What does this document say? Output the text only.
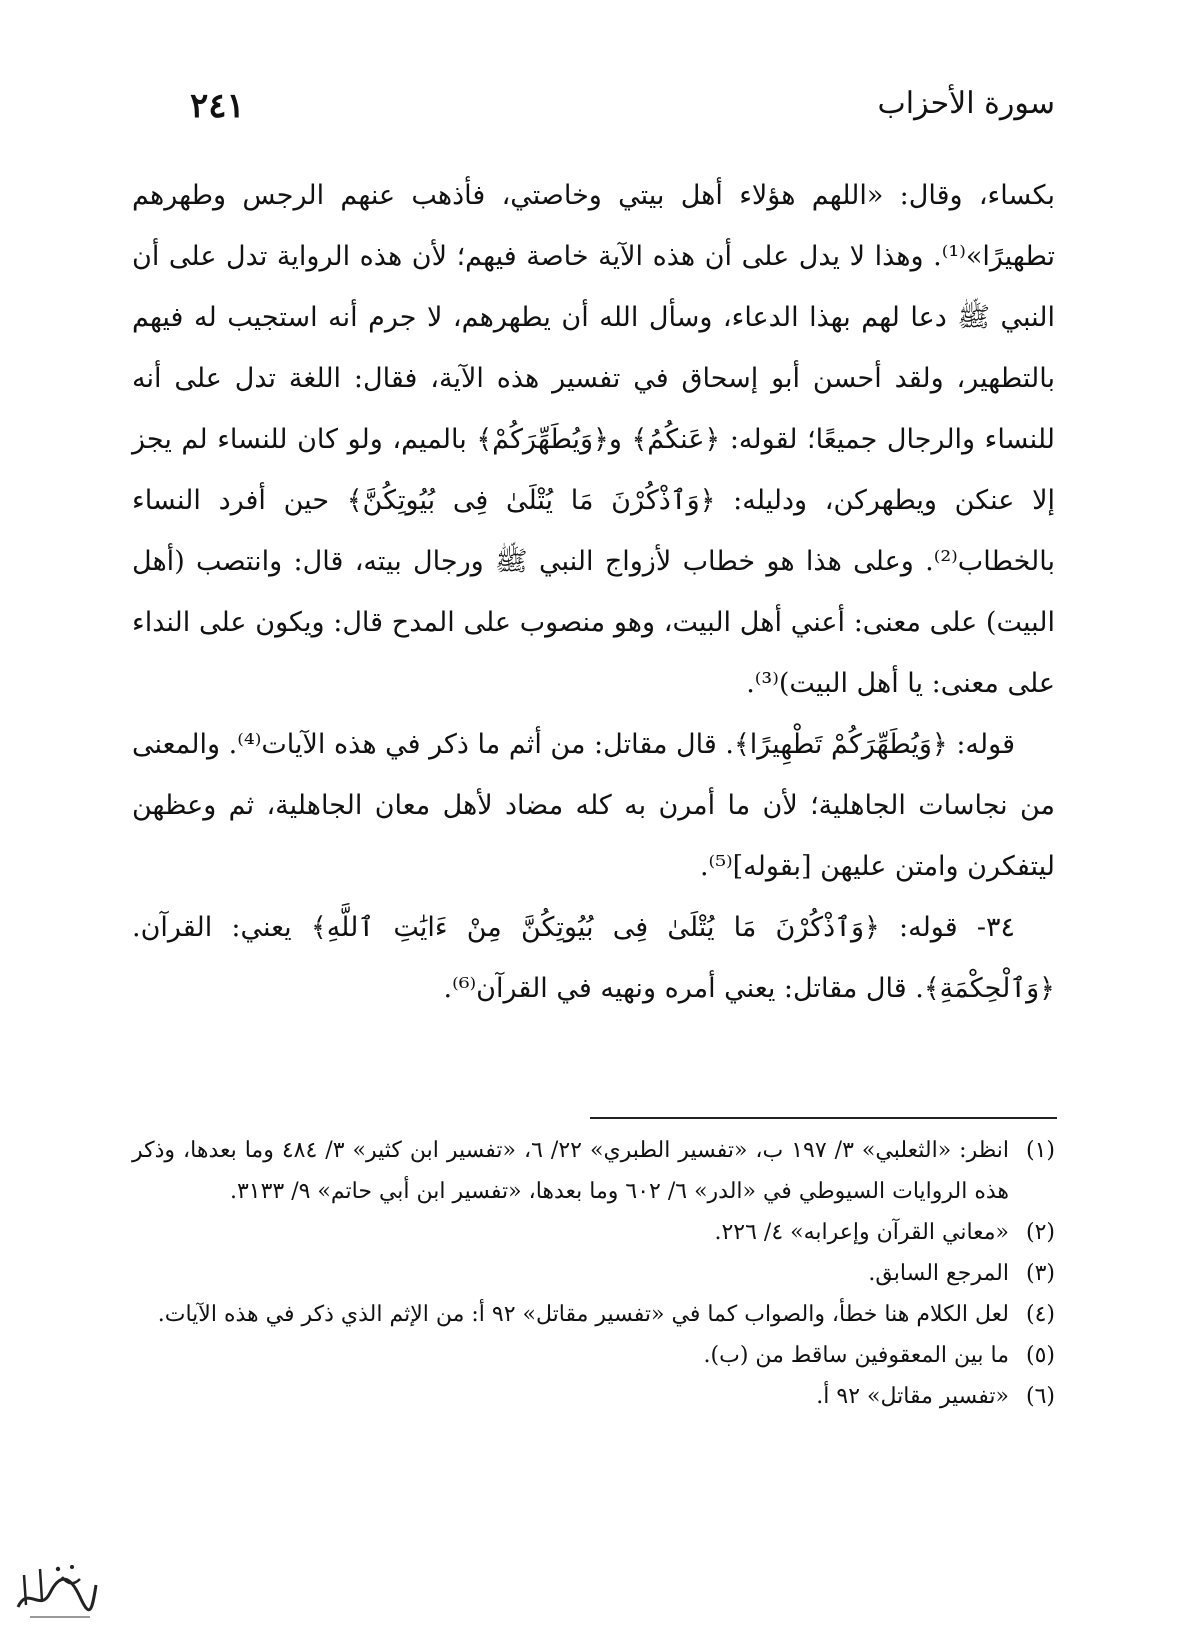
سورة الأحزاب
٢٤١

بكساء، وقال: «اللهم هؤلاء أهل بيتي وخاصتي، فأذهب عنهم الرجس وطهرهم تطهيرًا»⁽¹⁾. وهذا لا يدل على أن هذه الآية خاصة فيهم؛ لأن هذه الرواية تدل على أن النبي ﷺ دعا لهم بهذا الدعاء، وسأل الله أن يطهرهم، لا جرم أنه استجيب له فيهم بالتطهير، ولقد أحسن أبو إسحاق في تفسير هذه الآية، فقال: اللغة تدل على أنه للنساء والرجال جميعًا؛ لقوله: ﴿عَنكُمُ﴾ و﴿وَيُطَهِّرَكُمْ﴾ بالميم، ولو كان للنساء لم يجز إلا عنكن ويطهركن، ودليله: ﴿وَٱذْكُرْنَ مَا يُتْلَىٰ فِى بُيُوتِكُنَّ﴾ حين أفرد النساء بالخطاب⁽²⁾. وعلى هذا هو خطاب لأزواج النبي ﷺ ورجال بيته، قال: وانتصب (أهل البيت) على معنى: أعني أهل البيت، وهو منصوب على المدح قال: ويكون على النداء على معنى: يا أهل البيت)⁽³⁾.

قوله: ﴿وَيُطَهِّرَكُمْ تَطْهِيرًا﴾. قال مقاتل: من أثم ما ذكر في هذه الآيات⁽⁴⁾. والمعنى من نجاسات الجاهلية؛ لأن ما أمرن به كله مضاد لأهل معان الجاهلية، ثم وعظهن ليتفكرن وامتن عليهن [بقوله]⁽⁵⁾.

٣٤- قوله: ﴿وَٱذْكُرْنَ مَا يُتْلَىٰ فِى بُيُوتِكُنَّ مِنْ ءَايَٰتِ ٱللَّهِ﴾ يعني: القرآن. ﴿وَٱلْحِكْمَةِ﴾. قال مقاتل: يعني أمره ونهيه في القرآن⁽⁶⁾.

(١)
انظر: «الثعلبي» ٣/ ١٩٧ ب، «تفسير الطبري» ٢٢/ ٦، «تفسير ابن كثير» ٣/ ٤٨٤ وما بعدها، وذكر هذه الروايات السيوطي في «الدر» ٦/ ٦٠٢ وما بعدها، «تفسير ابن أبي حاتم» ٩/ ٣١٣٣.
(٢)
«معاني القرآن وإعرابه» ٤/ ٢٢٦.
(٣)
المرجع السابق.
(٤)
لعل الكلام هنا خطأ، والصواب كما في «تفسير مقاتل» ٩٢ أ: من الإثم الذي ذكر في هذه الآيات.
(٥)
ما بين المعقوفين ساقط من (ب).
(٦)
«تفسير مقاتل» ٩٢ أ.
